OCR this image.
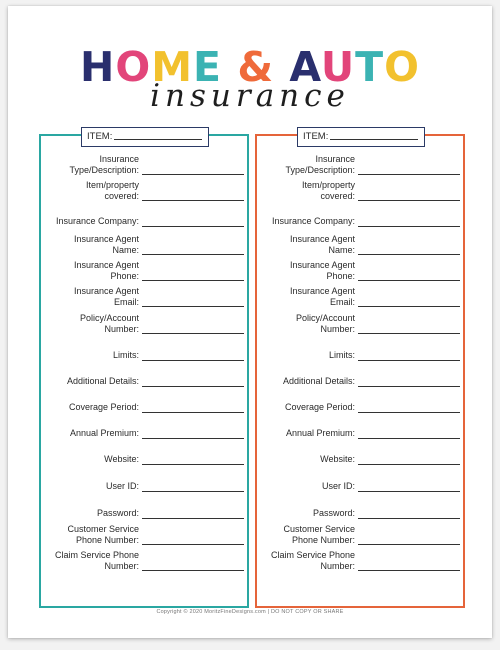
HOME & AUTO
insurance
ITEM:
Insurance
Type/Description:
Item/property
covered:
Insurance Company:
Insurance Agent
Name:
Insurance Agent
Phone:
Insurance Agent
Email:
Policy/Account
Number:
Limits:
Additional Details:
Coverage Period:
Annual Premium:
Website:
User ID:
Password:
Customer Service
Phone Number:
Claim Service Phone
Number:
ITEM:
Insurance
Type/Description:
Item/property
covered:
Insurance Company:
Insurance Agent
Name:
Insurance Agent
Phone:
Insurance Agent
Email:
Policy/Account
Number:
Limits:
Additional Details:
Coverage Period:
Annual Premium:
Website:
User ID:
Password:
Customer Service
Phone Number:
Claim Service Phone
Number:
Copyright © 2020 MoritzFineDesigns.com | DO NOT COPY OR SHARE
